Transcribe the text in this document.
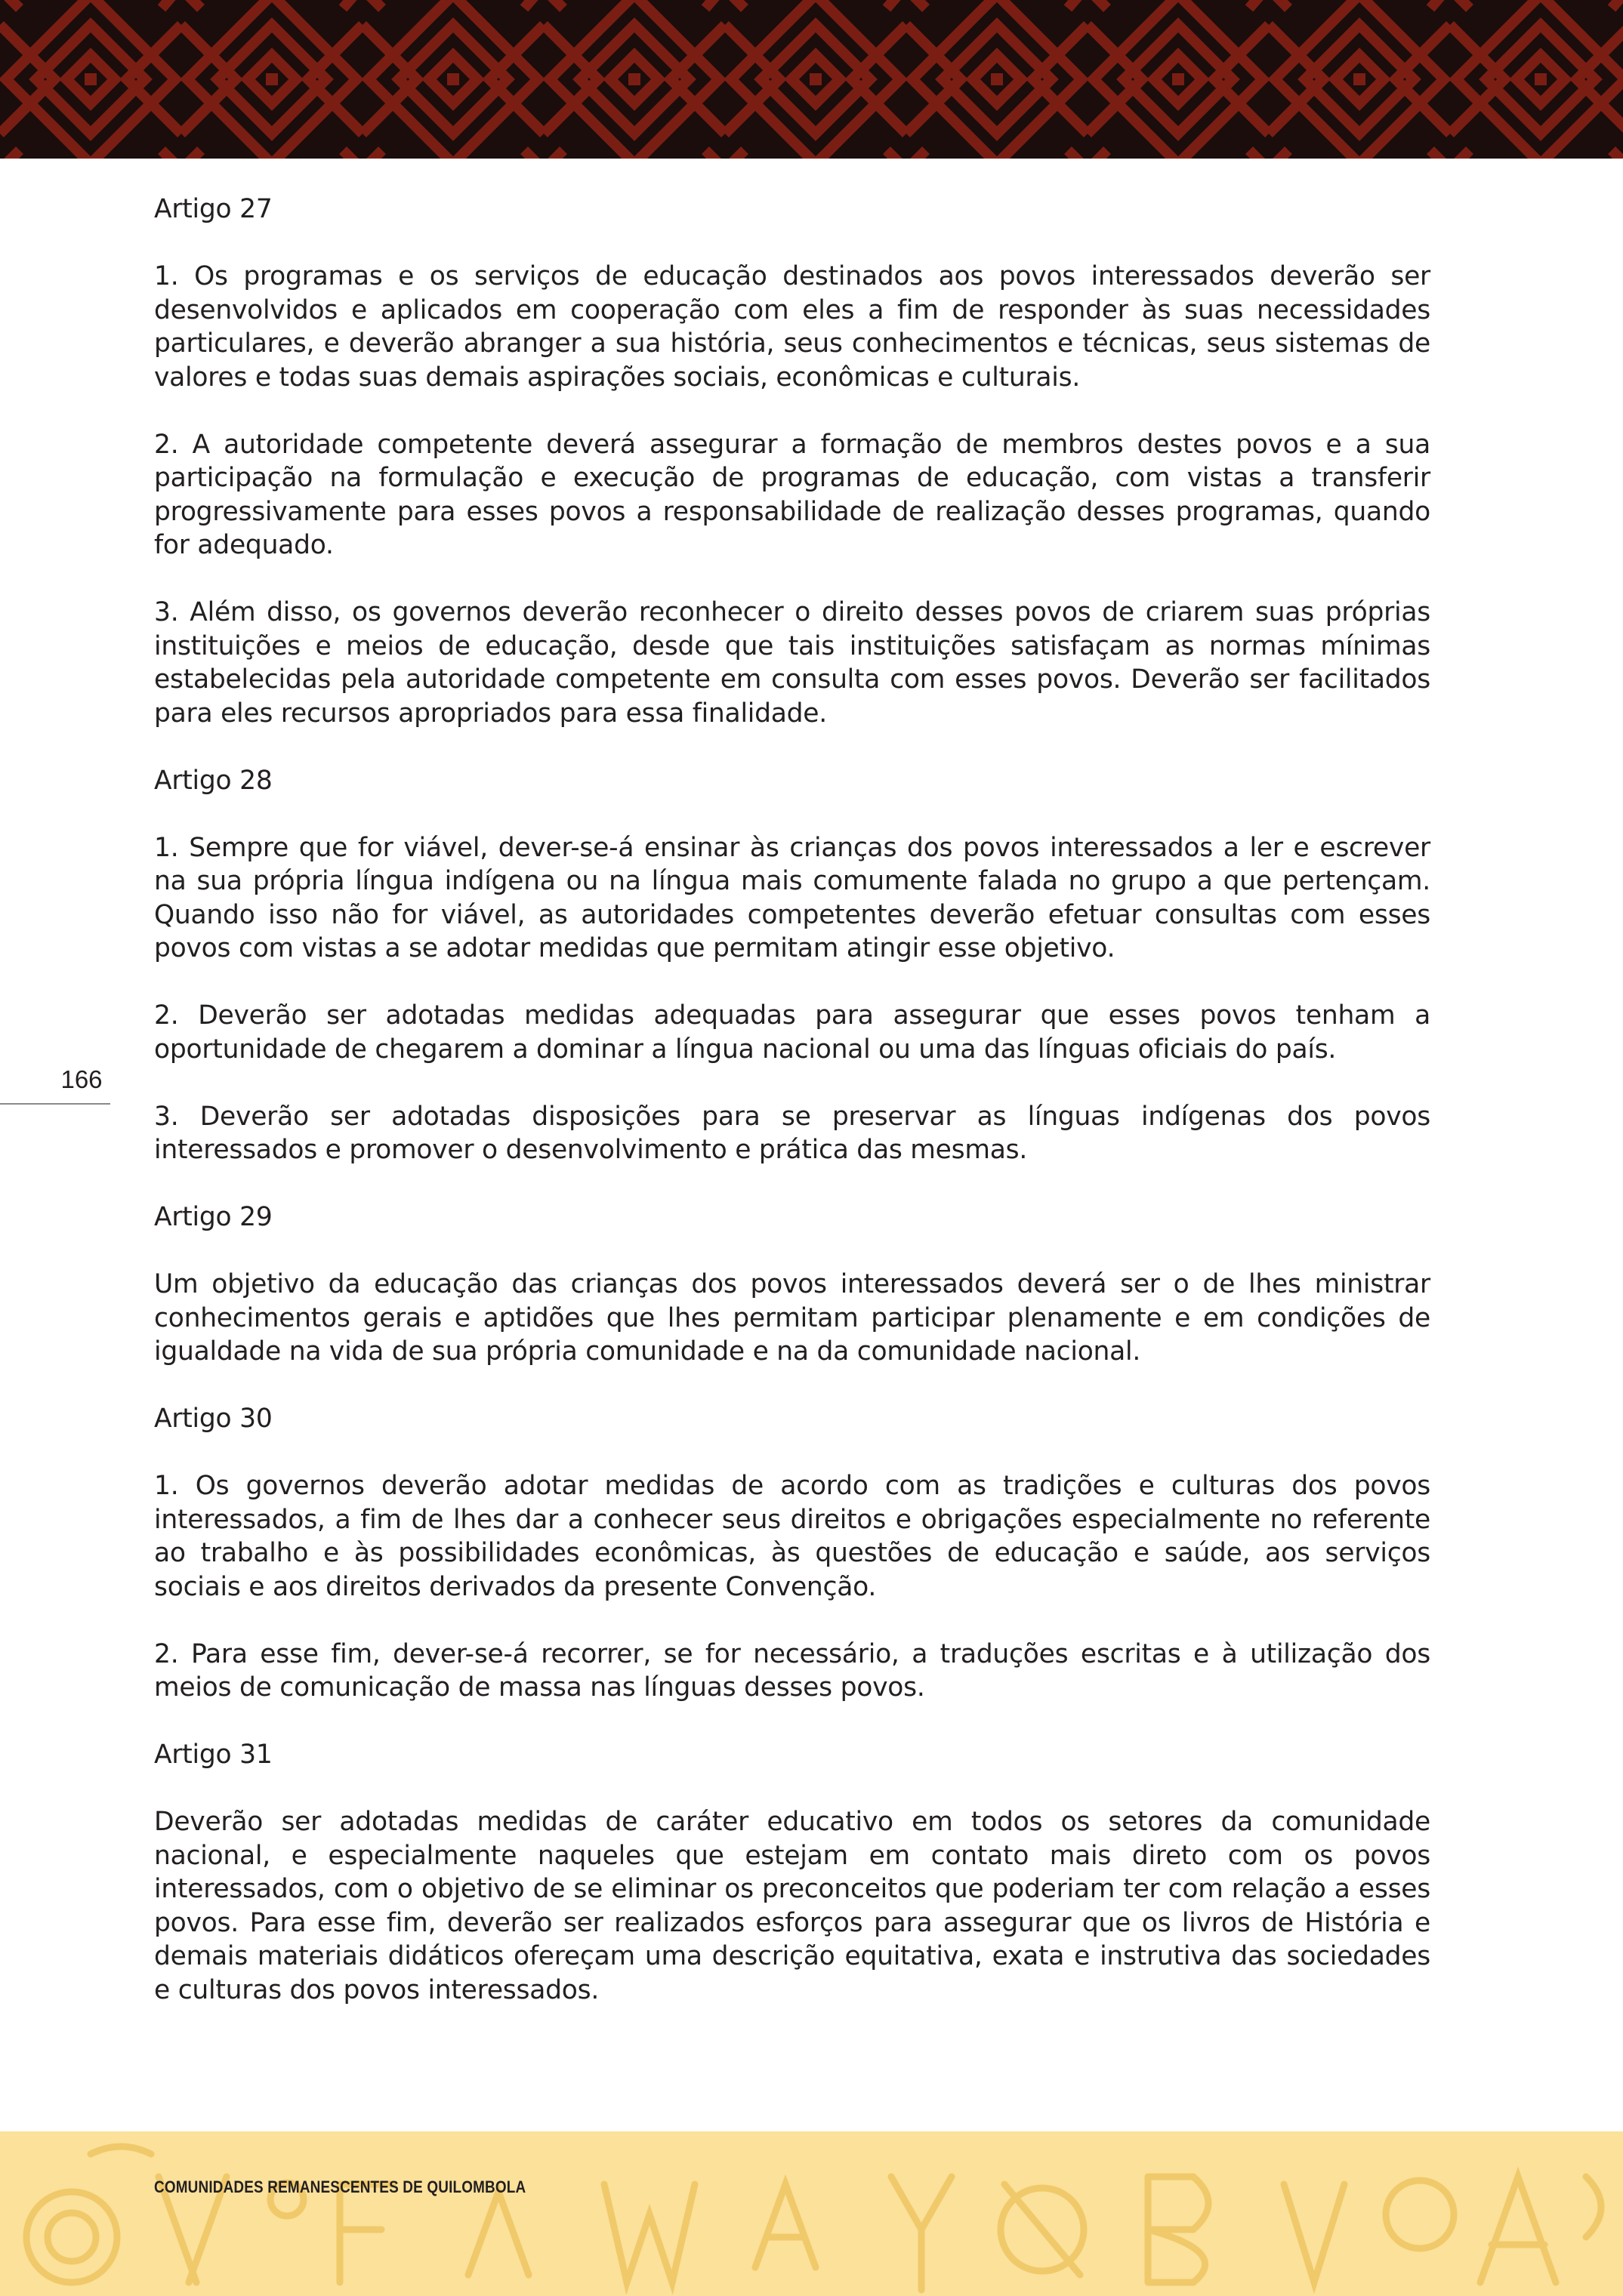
166
Artigo 27

1. Os programas e os serviços de educação destinados aos povos interessados deverão ser desenvolvidos e aplicados em cooperação com eles a fim de responder às suas necessidades particulares, e deverão abranger a sua história, seus conhecimentos e técnicas, seus sistemas de valores e todas suas demais aspirações sociais, econômicas e culturais.

2. A autoridade competente deverá assegurar a formação de membros destes povos e a sua participação na formulação e execução de programas de educação, com vistas a transferir progressivamente para esses povos a responsabilidade de realização desses programas, quando for adequado.

3. Além disso, os governos deverão reconhecer o direito desses povos de criarem suas próprias instituições e meios de educação, desde que tais instituições satisfaçam as normas mínimas estabelecidas pela autoridade competente em consulta com esses povos. Deverão ser facilitados para eles recursos apropriados para essa finalidade.

Artigo 28

1. Sempre que for viável, dever-se-á ensinar às crianças dos povos interessados a ler e escrever na sua própria língua indígena ou na língua mais comumente falada no grupo a que pertençam. Quando isso não for viável, as autoridades competentes deverão efetuar consultas com esses povos com vistas a se adotar medidas que permitam atingir esse objetivo.

2. Deverão ser adotadas medidas adequadas para assegurar que esses povos tenham a oportunidade de chegarem a dominar a língua nacional ou uma das línguas oficiais do país.

3. Deverão ser adotadas disposições para se preservar as línguas indígenas dos povos interessados e promover o desenvolvimento e prática das mesmas.

Artigo 29

Um objetivo da educação das crianças dos povos interessados deverá ser o de lhes ministrar conhecimentos gerais e aptidões que lhes permitam participar plenamente e em condições de igualdade na vida de sua própria comunidade e na da comunidade nacional.

Artigo 30

1. Os governos deverão adotar medidas de acordo com as tradições e culturas dos povos interessados, a fim de lhes dar a conhecer seus direitos e obrigações especialmente no referente ao trabalho e às possibilidades econômicas, às questões de educação e saúde, aos serviços sociais e aos direitos derivados da presente Convenção.

2. Para esse fim, dever-se-á recorrer, se for necessário, a traduções escritas e à utilização dos meios de comunicação de massa nas línguas desses povos.

Artigo 31

Deverão ser adotadas medidas de caráter educativo em todos os setores da comunidade nacional, e especialmente naqueles que estejam em contato mais direto com os povos interessados, com o objetivo de se eliminar os preconceitos que poderiam ter com relação a esses povos. Para esse fim, deverão ser realizados esforços para assegurar que os livros de História e demais materiais didáticos ofereçam uma descrição equitativa, exata e instrutiva das sociedades e culturas dos povos interessados.

COMUNIDADES REMANESCENTES DE QUILOMBOLA
